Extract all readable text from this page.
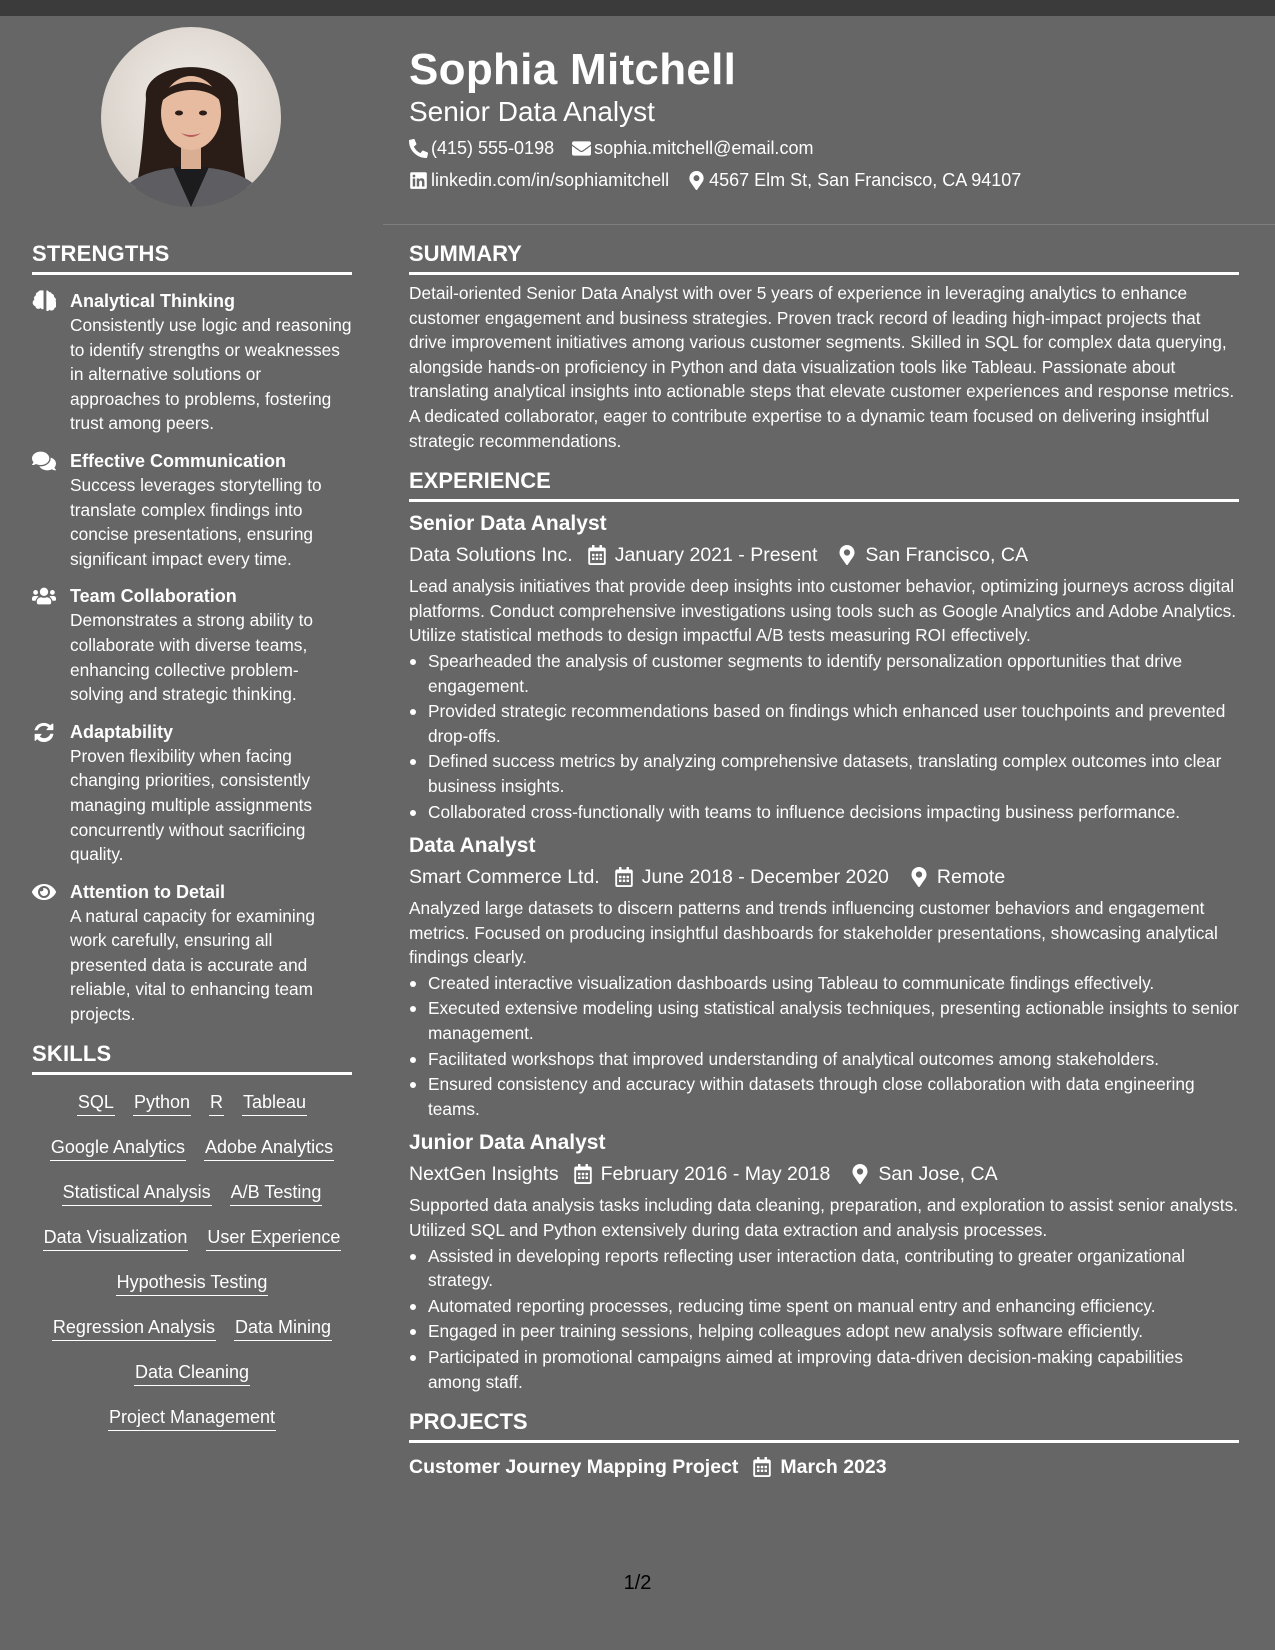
Sophia Mitchell
Senior Data Analyst
(415) 555-0198 sophia.mitchell@email.com
linkedin.com/in/sophiamitchell 4567 Elm St, San Francisco, CA 94107
STRENGTHS
Analytical Thinking

Consistently use logic and reasoning to identify strengths or weaknesses in alternative solutions or approaches to problems, fostering trust among peers.

Effective Communication

Success leverages storytelling to translate complex findings into concise presentations, ensuring significant impact every time.

Team Collaboration

Demonstrates a strong ability to collaborate with diverse teams, enhancing collective problem-solving and strategic thinking.

Adaptability

Proven flexibility when facing changing priorities, consistently managing multiple assignments concurrently without sacrificing quality.

Attention to Detail

A natural capacity for examining work carefully, ensuring all presented data is accurate and reliable, vital to enhancing team projects.

SKILLS
SQL Python R Tableau
Google Analytics Adobe Analytics
Statistical Analysis A/B Testing
Data Visualization User Experience
Hypothesis Testing
Regression Analysis Data Mining
Data Cleaning
Project Management
SUMMARY

Detail-oriented Senior Data Analyst with over 5 years of experience in leveraging analytics to enhance customer engagement and business strategies. Proven track record of leading high-impact projects that drive improvement initiatives among various customer segments. Skilled in SQL for complex data querying, alongside hands-on proficiency in Python and data visualization tools like Tableau. Passionate about translating analytical insights into actionable steps that elevate customer experiences and response metrics. A dedicated collaborator, eager to contribute expertise to a dynamic team focused on delivering insightful strategic recommendations.

EXPERIENCE
Senior Data Analyst
Data Solutions Inc. January 2021 - Present San Francisco, CA

Lead analysis initiatives that provide deep insights into customer behavior, optimizing journeys across digital platforms. Conduct comprehensive investigations using tools such as Google Analytics and Adobe Analytics. Utilize statistical methods to design impactful A/B tests measuring ROI effectively.

Spearheaded the analysis of customer segments to identify personalization opportunities that drive engagement.
Provided strategic recommendations based on findings which enhanced user touchpoints and prevented drop-offs.
Defined success metrics by analyzing comprehensive datasets, translating complex outcomes into clear business insights.
Collaborated cross-functionally with teams to influence decisions impacting business performance.
Data Analyst
Smart Commerce Ltd. June 2018 - December 2020 Remote

Analyzed large datasets to discern patterns and trends influencing customer behaviors and engagement metrics. Focused on producing insightful dashboards for stakeholder presentations, showcasing analytical findings clearly.

Created interactive visualization dashboards using Tableau to communicate findings effectively.
Executed extensive modeling using statistical analysis techniques, presenting actionable insights to senior management.
Facilitated workshops that improved understanding of analytical outcomes among stakeholders.
Ensured consistency and accuracy within datasets through close collaboration with data engineering teams.
Junior Data Analyst
NextGen Insights February 2016 - May 2018 San Jose, CA

Supported data analysis tasks including data cleaning, preparation, and exploration to assist senior analysts. Utilized SQL and Python extensively during data extraction and analysis processes.

Assisted in developing reports reflecting user interaction data, contributing to greater organizational strategy.
Automated reporting processes, reducing time spent on manual entry and enhancing efficiency.
Engaged in peer training sessions, helping colleagues adopt new analysis software efficiently.
Participated in promotional campaigns aimed at improving data-driven decision-making capabilities among staff.
PROJECTS
Customer Journey Mapping Project March 2023
1/2
